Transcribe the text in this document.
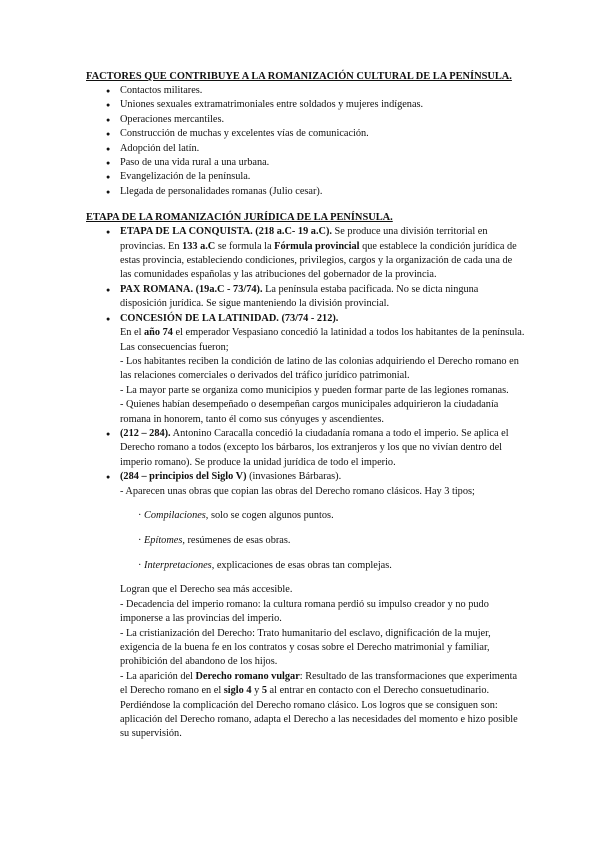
FACTORES QUE CONTRIBUYE A LA ROMANIZACIÓN CULTURAL DE LA PENÍNSULA.

● Contactos militares.
● Uniones sexuales extramatrimoniales entre soldados y mujeres indígenas.
● Operaciones mercantiles.
● Construcción de muchas y excelentes vías de comunicación.
● Adopción del latín.
● Paso de una vida rural a una urbana.
● Evangelización de la península.
● Llegada de personalidades romanas (Julio cesar).

ETAPA DE LA ROMANIZACIÓN JURÍDICA DE LA PENÍNSULA.

● ETAPA DE LA CONQUISTA. (218 a.C- 19 a.C). Se produce una división territorial en provincias. En 133 a.C se formula la Fórmula provincial que establece la condición jurídica de estas provincia, estableciendo condiciones, privilegios, cargos y la organización de cada una de las comunidades españolas y las atribuciones del gobernador de la provincia.
● PAX ROMANA. (19a.C - 73/74). La península estaba pacificada. No se dicta ninguna disposición jurídica. Se sigue manteniendo la división provincial.
● CONCESIÓN DE LA LATINIDAD. (73/74 - 212).

En el año 74 el emperador Vespasiano concedió la latinidad a todos los habitantes de la península. Las consecuencias fueron;

- Los habitantes reciben la condición de latino de las colonias adquiriendo el Derecho romano en las relaciones comerciales o derivados del tráfico jurídico patrimonial.

- La mayor parte se organiza como municipios y pueden formar parte de las legiones romanas.

- Quienes habían desempeñado o desempeñan cargos municipales adquirieron la ciudadanía romana in honorem, tanto él como sus cónyuges y ascendientes.

● (212 – 284). Antonino Caracalla concedió la ciudadanía romana a todo el imperio. Se aplica el Derecho romano a todos (excepto los bárbaros, los extranjeros y los que no vivían dentro del imperio romano). Se produce la unidad jurídica de todo el imperio.
● (284 – principios del Siglo V) (invasiones Bárbaras).

- Aparecen unas obras que copian las obras del Derecho romano clásicos. Hay 3 tipos;

· Compilaciones, solo se cogen algunos puntos.

· Epítomes, resúmenes de esas obras.

· Interpretaciones, explicaciones de esas obras tan complejas.

Logran que el Derecho sea más accesible.

- Decadencia del imperio romano: la cultura romana perdió su impulso creador y no pudo imponerse a las provincias del imperio.

- La cristianización del Derecho: Trato humanitario del esclavo, dignificación de la mujer, exigencia de la buena fe en los contratos y cosas sobre el Derecho matrimonial y familiar, prohibición del abandono de los hijos.

- La aparición del Derecho romano vulgar: Resultado de las transformaciones que experimenta el Derecho romano en el siglo 4 y 5 al entrar en contacto con el Derecho consuetudinario. Perdiéndose la complicación del Derecho romano clásico. Los logros que se consiguen son: aplicación del Derecho romano, adapta el Derecho a las necesidades del momento e hizo posible su supervisión.
